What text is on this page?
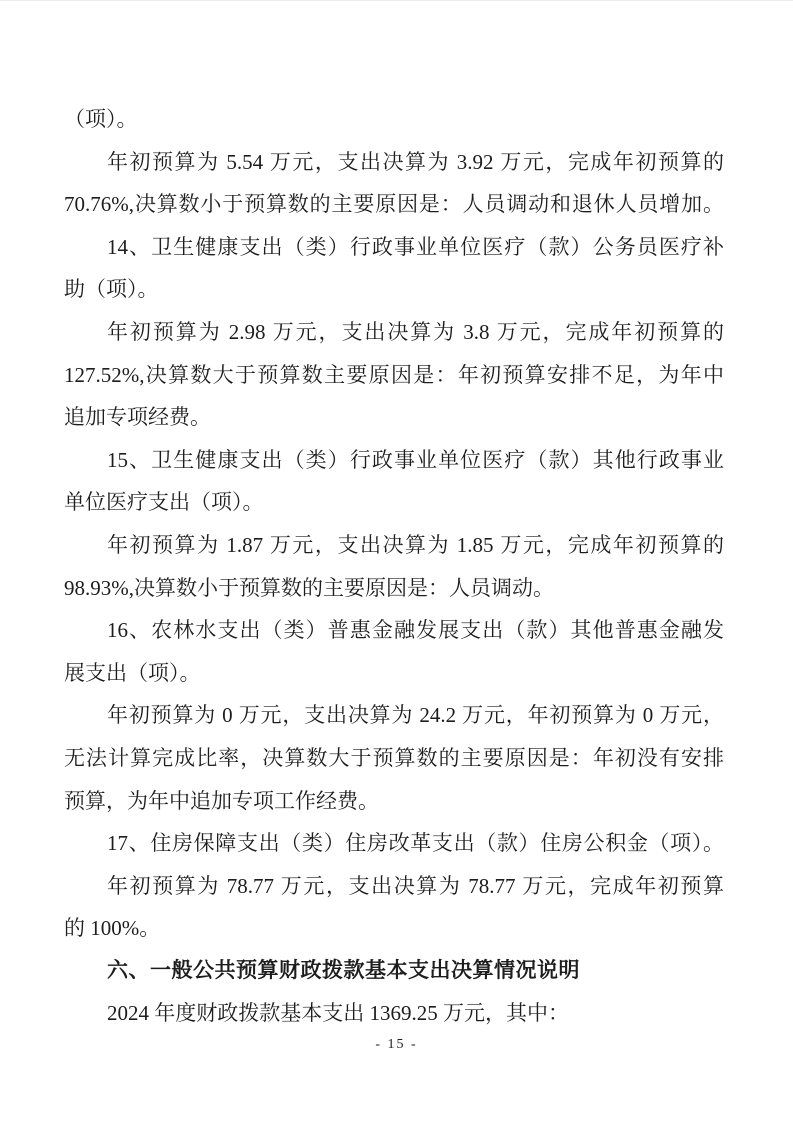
（项）。
年初预算为 5.54 万元，支出决算为 3.92 万元，完成年初预算的
70.76%,决算数小于预算数的主要原因是：人员调动和退休人员增加。
14、卫生健康支出（类）行政事业单位医疗（款）公务员医疗补
助（项）。
年初预算为 2.98 万元，支出决算为 3.8 万元，完成年初预算的
127.52%,决算数大于预算数主要原因是：年初预算安排不足，为年中
追加专项经费。
15、卫生健康支出（类）行政事业单位医疗（款）其他行政事业
单位医疗支出（项）。
年初预算为 1.87 万元，支出决算为 1.85 万元，完成年初预算的
98.93%,决算数小于预算数的主要原因是：人员调动。
16、农林水支出（类）普惠金融发展支出（款）其他普惠金融发
展支出（项）。
年初预算为 0 万元，支出决算为 24.2 万元，年初预算为 0 万元，
无法计算完成比率，决算数大于预算数的主要原因是：年初没有安排
预算，为年中追加专项工作经费。
17、住房保障支出（类）住房改革支出（款）住房公积金（项）。
年初预算为 78.77 万元，支出决算为 78.77 万元，完成年初预算
的 100%。
六、一般公共预算财政拨款基本支出决算情况说明
2024 年度财政拨款基本支出 1369.25 万元，其中：
- 15 -
